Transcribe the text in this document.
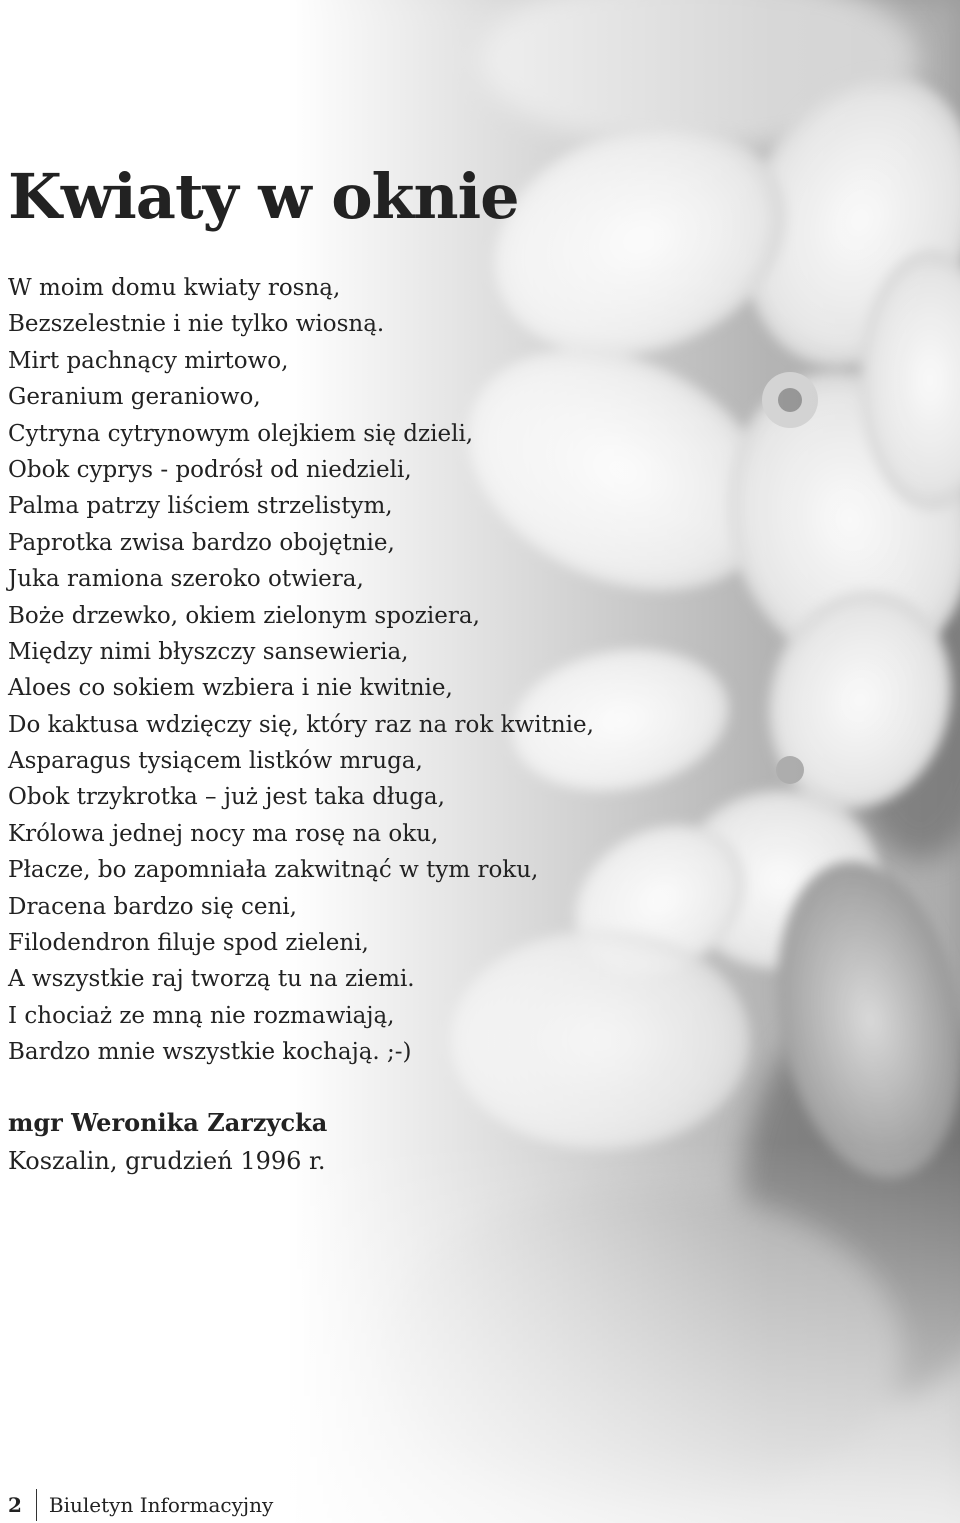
Kwiaty w oknie
W moim domu kwiaty rosną,
Bezszelestnie i nie tylko wiosną.
Mirt pachnący mirtowo,
Geranium geraniowo,
Cytryna cytrynowym olejkiem się dzieli,
Obok cyprys - podrósł od niedzieli,
Palma patrzy liściem strzelistym,
Paprotka zwisa bardzo obojętnie,
Juka ramiona szeroko otwiera,
Boże drzewko, okiem zielonym spoziera,
Między nimi błyszczy sansewieria,
Aloes co sokiem wzbiera i nie kwitnie,
Do kaktusa wdzięczy się, który raz na rok kwitnie,
Asparagus tysiącem listków mruga,
Obok trzykrotka – już jest taka długa,
Królowa jednej nocy ma rosę na oku,
Płacze, bo zapomniała zakwitnąć w tym roku,
Dracena bardzo się ceni,
Filodendron filuje spod zieleni,
A wszystkie raj tworzą tu na ziemi.
I chociaż ze mną nie rozmawiają,
Bardzo mnie wszystkie kochają. ;-)
mgr Weronika Zarzycka
Koszalin, grudzień 1996 r.
2	Biuletyn Informacyjny
